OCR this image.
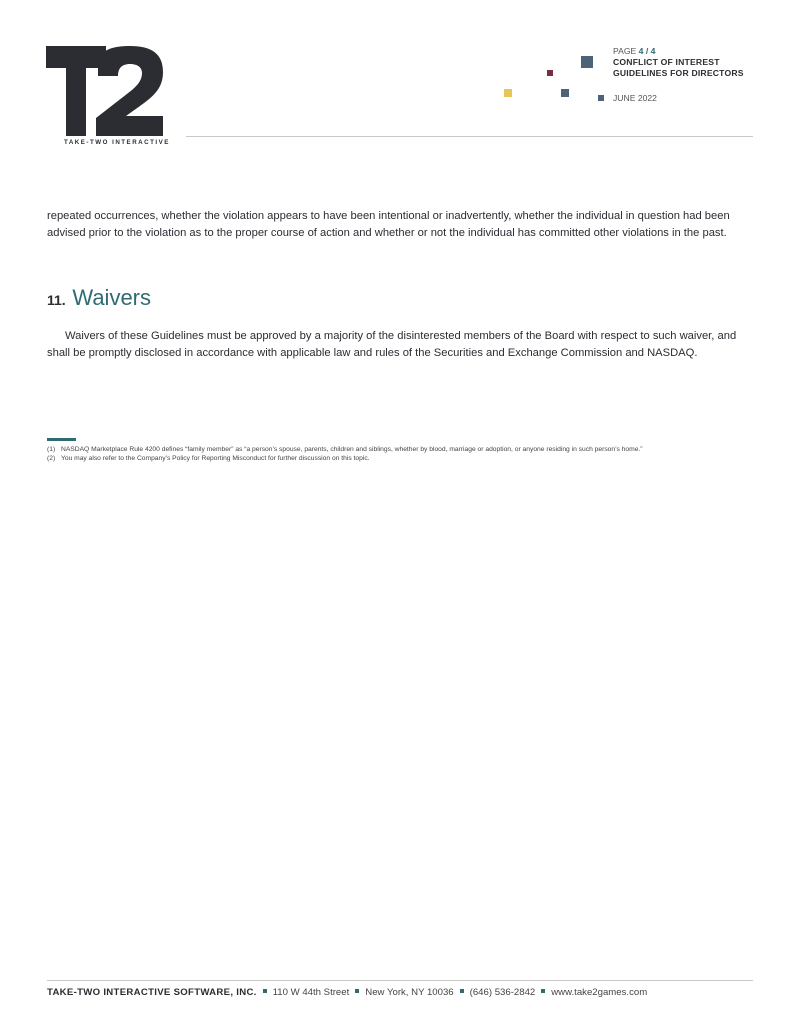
TAKE-TWO INTERACTIVE
PAGE 4 / 4
CONFLICT OF INTEREST
GUIDELINES FOR DIRECTORS
JUNE 2022

repeated occurrences, whether the violation appears to have been intentional or inadvertently, whether the individual in question had been advised prior to the violation as to the proper course of action and whether or not the individual has committed other violations in the past.

11. Waivers

Waivers of these Guidelines must be approved by a majority of the disinterested members of the Board with respect to such waiver, and shall be promptly disclosed in accordance with applicable law and rules of the Securities and Exchange Commission and NASDAQ.

(1) NASDAQ Marketplace Rule 4200 defines “family member” as “a person’s spouse, parents, children and siblings, whether by blood, marriage or adoption, or anyone residing in such person’s home.”
(2) You may also refer to the Company’s Policy for Reporting Misconduct for further discussion on this topic.
TAKE-TWO INTERACTIVE SOFTWARE, INC. 110 W 44th Street New York, NY 10036 (646) 536-2842 www.take2games.com
